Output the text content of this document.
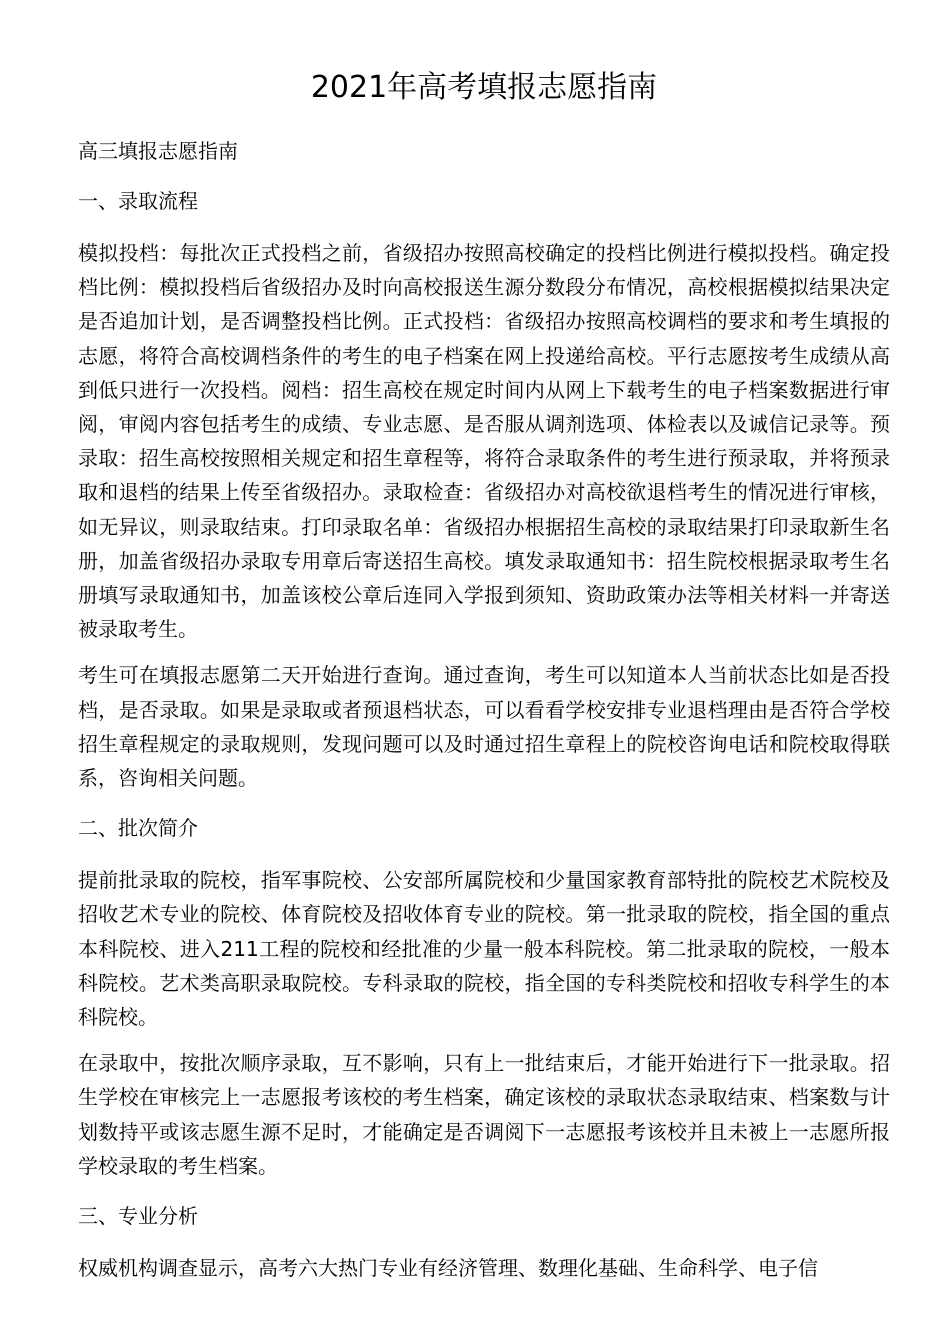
2021年高考填报志愿指南
高三填报志愿指南
一、录取流程

模拟投档：每批次正式投档之前，省级招办按照高校确定的投档比例进行模拟投档。确定投档比例：模拟投档后省级招办及时向高校报送生源分数段分布情况，高校根据模拟结果决定是否追加计划，是否调整投档比例。正式投档：省级招办按照高校调档的要求和考生填报的志愿，将符合高校调档条件的考生的电子档案在网上投递给高校。平行志愿按考生成绩从高到低只进行一次投档。阅档：招生高校在规定时间内从网上下载考生的电子档案数据进行审阅，审阅内容包括考生的成绩、专业志愿、是否服从调剂选项、体检表以及诚信记录等。预录取：招生高校按照相关规定和招生章程等，将符合录取条件的考生进行预录取，并将预录取和退档的结果上传至省级招办。录取检查：省级招办对高校欲退档考生的情况进行审核，如无异议，则录取结束。打印录取名单：省级招办根据招生高校的录取结果打印录取新生名册，加盖省级招办录取专用章后寄送招生高校。填发录取通知书：招生院校根据录取考生名册填写录取通知书，加盖该校公章后连同入学报到须知、资助政策办法等相关材料一并寄送被录取考生。

考生可在填报志愿第二天开始进行查询。通过查询，考生可以知道本人当前状态比如是否投档，是否录取。如果是录取或者预退档状态，可以看看学校安排专业退档理由是否符合学校招生章程规定的录取规则，发现问题可以及时通过招生章程上的院校咨询电话和院校取得联系，咨询相关问题。

二、批次简介

提前批录取的院校，指军事院校、公安部所属院校和少量国家教育部特批的院校艺术院校及招收艺术专业的院校、体育院校及招收体育专业的院校。第一批录取的院校，指全国的重点本科院校、进入211工程的院校和经批准的少量一般本科院校。第二批录取的院校，一般本科院校。艺术类高职录取院校。专科录取的院校，指全国的专科类院校和招收专科学生的本科院校。

在录取中，按批次顺序录取，互不影响，只有上一批结束后，才能开始进行下一批录取。招生学校在审核完上一志愿报考该校的考生档案，确定该校的录取状态录取结束、档案数与计划数持平或该志愿生源不足时，才能确定是否调阅下一志愿报考该校并且未被上一志愿所报学校录取的考生档案。

三、专业分析

权威机构调查显示，高考六大热门专业有经济管理、数理化基础、生命科学、电子信
